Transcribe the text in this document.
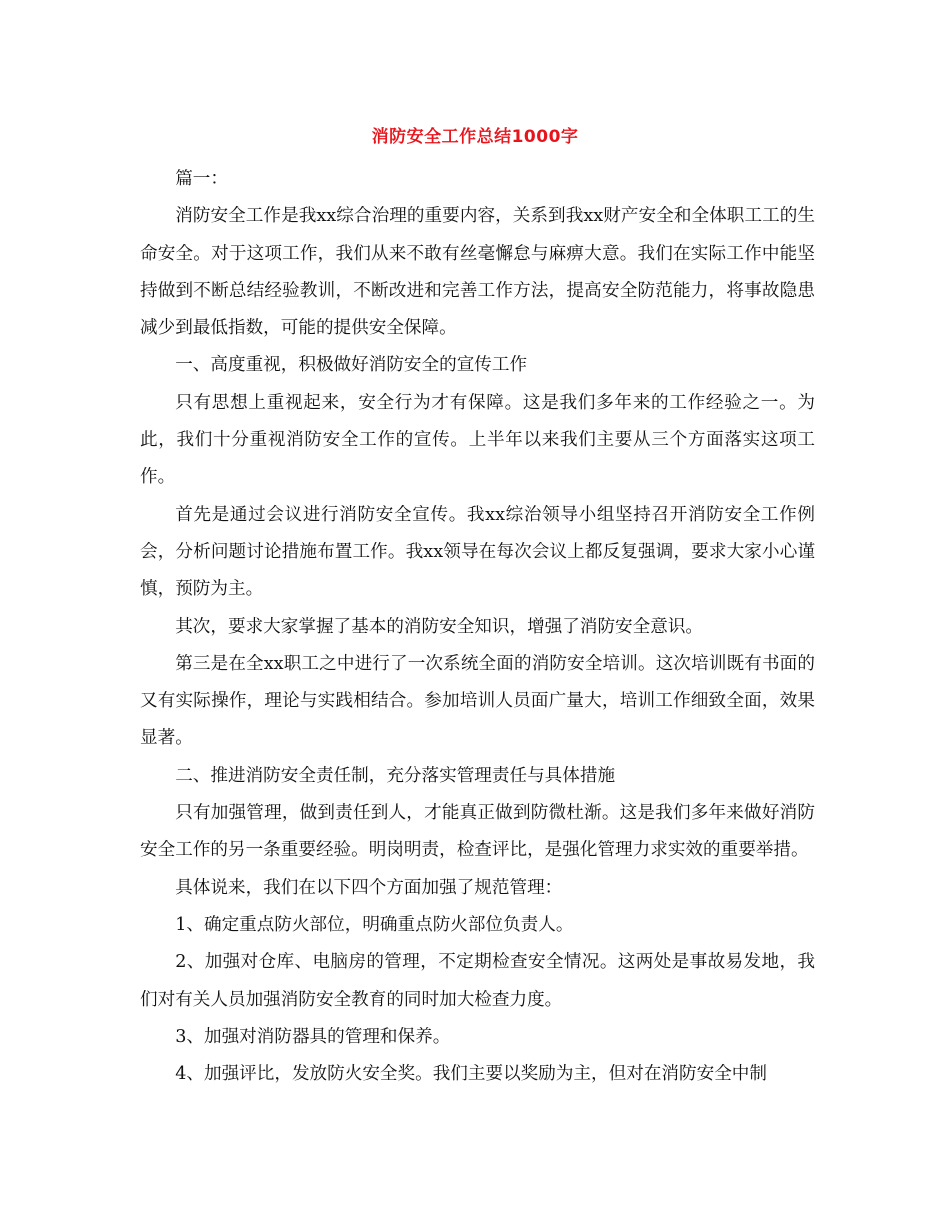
消防安全工作总结1000字

篇一：

消防安全工作是我xx综合治理的重要内容，关系到我xx财产安全和全体职工工的生命安全。对于这项工作，我们从来不敢有丝毫懈怠与麻痹大意。我们在实际工作中能坚持做到不断总结经验教训，不断改进和完善工作方法，提高安全防范能力，将事故隐患减少到最低指数，可能的提供安全保障。

一、高度重视，积极做好消防安全的宣传工作

只有思想上重视起来，安全行为才有保障。这是我们多年来的工作经验之一。为此，我们十分重视消防安全工作的宣传。上半年以来我们主要从三个方面落实这项工作。

首先是通过会议进行消防安全宣传。我xx综治领导小组坚持召开消防安全工作例会，分析问题讨论措施布置工作。我xx领导在每次会议上都反复强调，要求大家小心谨慎，预防为主。

其次，要求大家掌握了基本的消防安全知识，增强了消防安全意识。

第三是在全xx职工之中进行了一次系统全面的消防安全培训。这次培训既有书面的又有实际操作，理论与实践相结合。参加培训人员面广量大，培训工作细致全面，效果显著。

二、推进消防安全责任制，充分落实管理责任与具体措施

只有加强管理，做到责任到人，才能真正做到防微杜渐。这是我们多年来做好消防安全工作的另一条重要经验。明岗明责，检查评比，是强化管理力求实效的重要举措。

具体说来，我们在以下四个方面加强了规范管理：

1、确定重点防火部位，明确重点防火部位负责人。

2、加强对仓库、电脑房的管理，不定期检查安全情况。这两处是事故易发地，我们对有关人员加强消防安全教育的同时加大检查力度。

3、加强对消防器具的管理和保养。

4、加强评比，发放防火安全奖。我们主要以奖励为主，但对在消防安全中制
